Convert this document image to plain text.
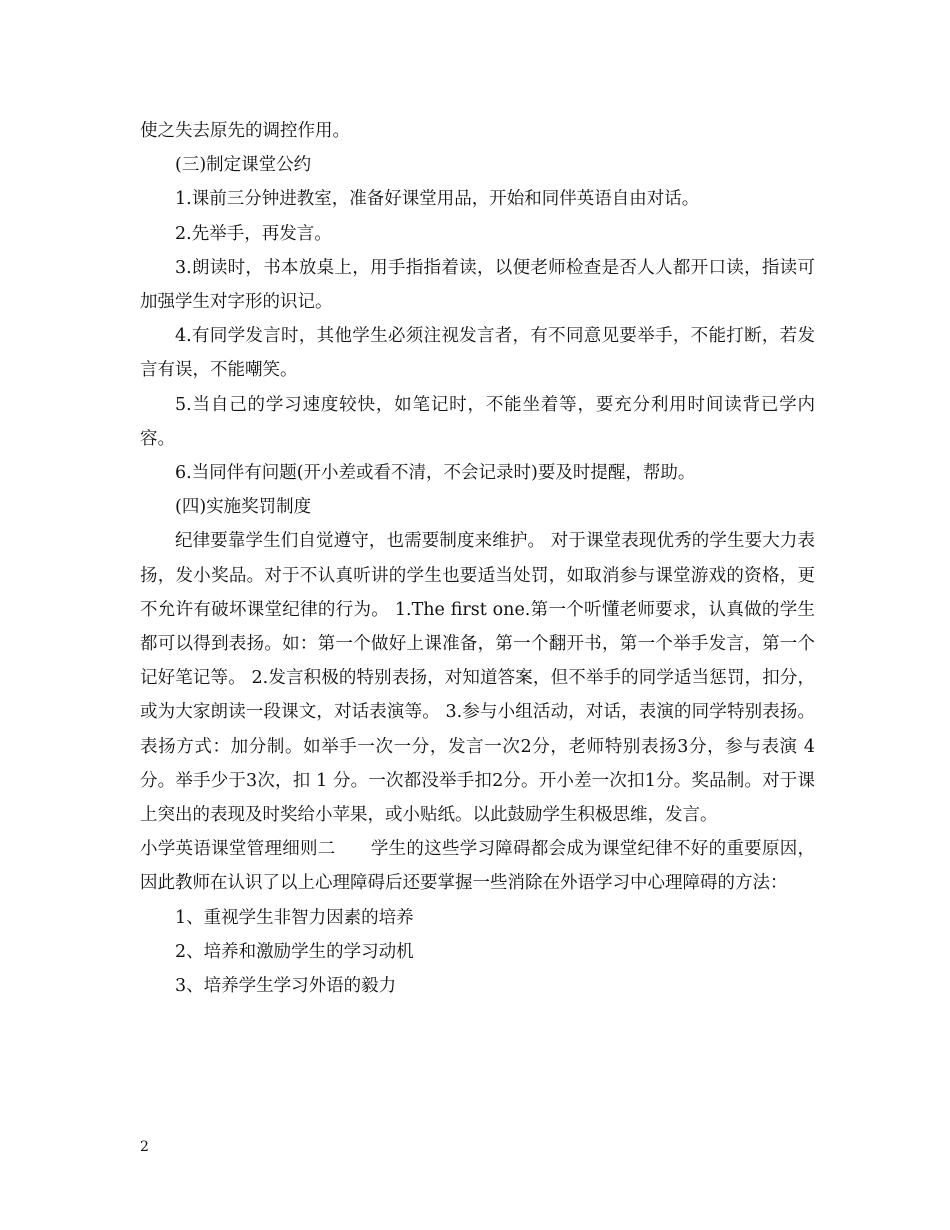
使之失去原先的调控作用。

(三)制定课堂公约

1.课前三分钟进教室，准备好课堂用品，开始和同伴英语自由对话。

2.先举手，再发言。

3.朗读时，书本放桌上，用手指指着读，以便老师检查是否人人都开口读，指读可加强学生对字形的识记。

4.有同学发言时，其他学生必须注视发言者，有不同意见要举手，不能打断，若发言有误，不能嘲笑。

5.当自己的学习速度较快，如笔记时，不能坐着等，要充分利用时间读背已学内容。

6.当同伴有问题(开小差或看不清，不会记录时)要及时提醒，帮助。

(四)实施奖罚制度

纪律要靠学生们自觉遵守，也需要制度来维护。 对于课堂表现优秀的学生要大力表扬，发小奖品。对于不认真听讲的学生也要适当处罚，如取消参与课堂游戏的资格，更不允许有破坏课堂纪律的行为。 1.The first one.第一个听懂老师要求，认真做的学生都可以得到表扬。如：第一个做好上课准备，第一个翻开书，第一个举手发言，第一个记好笔记等。 2.发言积极的特别表扬，对知道答案，但不举手的同学适当惩罚，扣分，或为大家朗读一段课文，对话表演等。 3.参与小组活动，对话，表演的同学特别表扬。表扬方式：加分制。如举手一次一分，发言一次2分，老师特别表扬3分，参与表演 4 分。举手少于3次，扣 1 分。一次都没举手扣2分。开小差一次扣1分。奖品制。对于课上突出的表现及时奖给小苹果，或小贴纸。以此鼓励学生积极思维，发言。

小学英语课堂管理细则二 学生的这些学习障碍都会成为课堂纪律不好的重要原因，因此教师在认识了以上心理障碍后还要掌握一些消除在外语学习中心理障碍的方法：

1、重视学生非智力因素的培养

2、培养和激励学生的学习动机

3、培养学生学习外语的毅力

2
